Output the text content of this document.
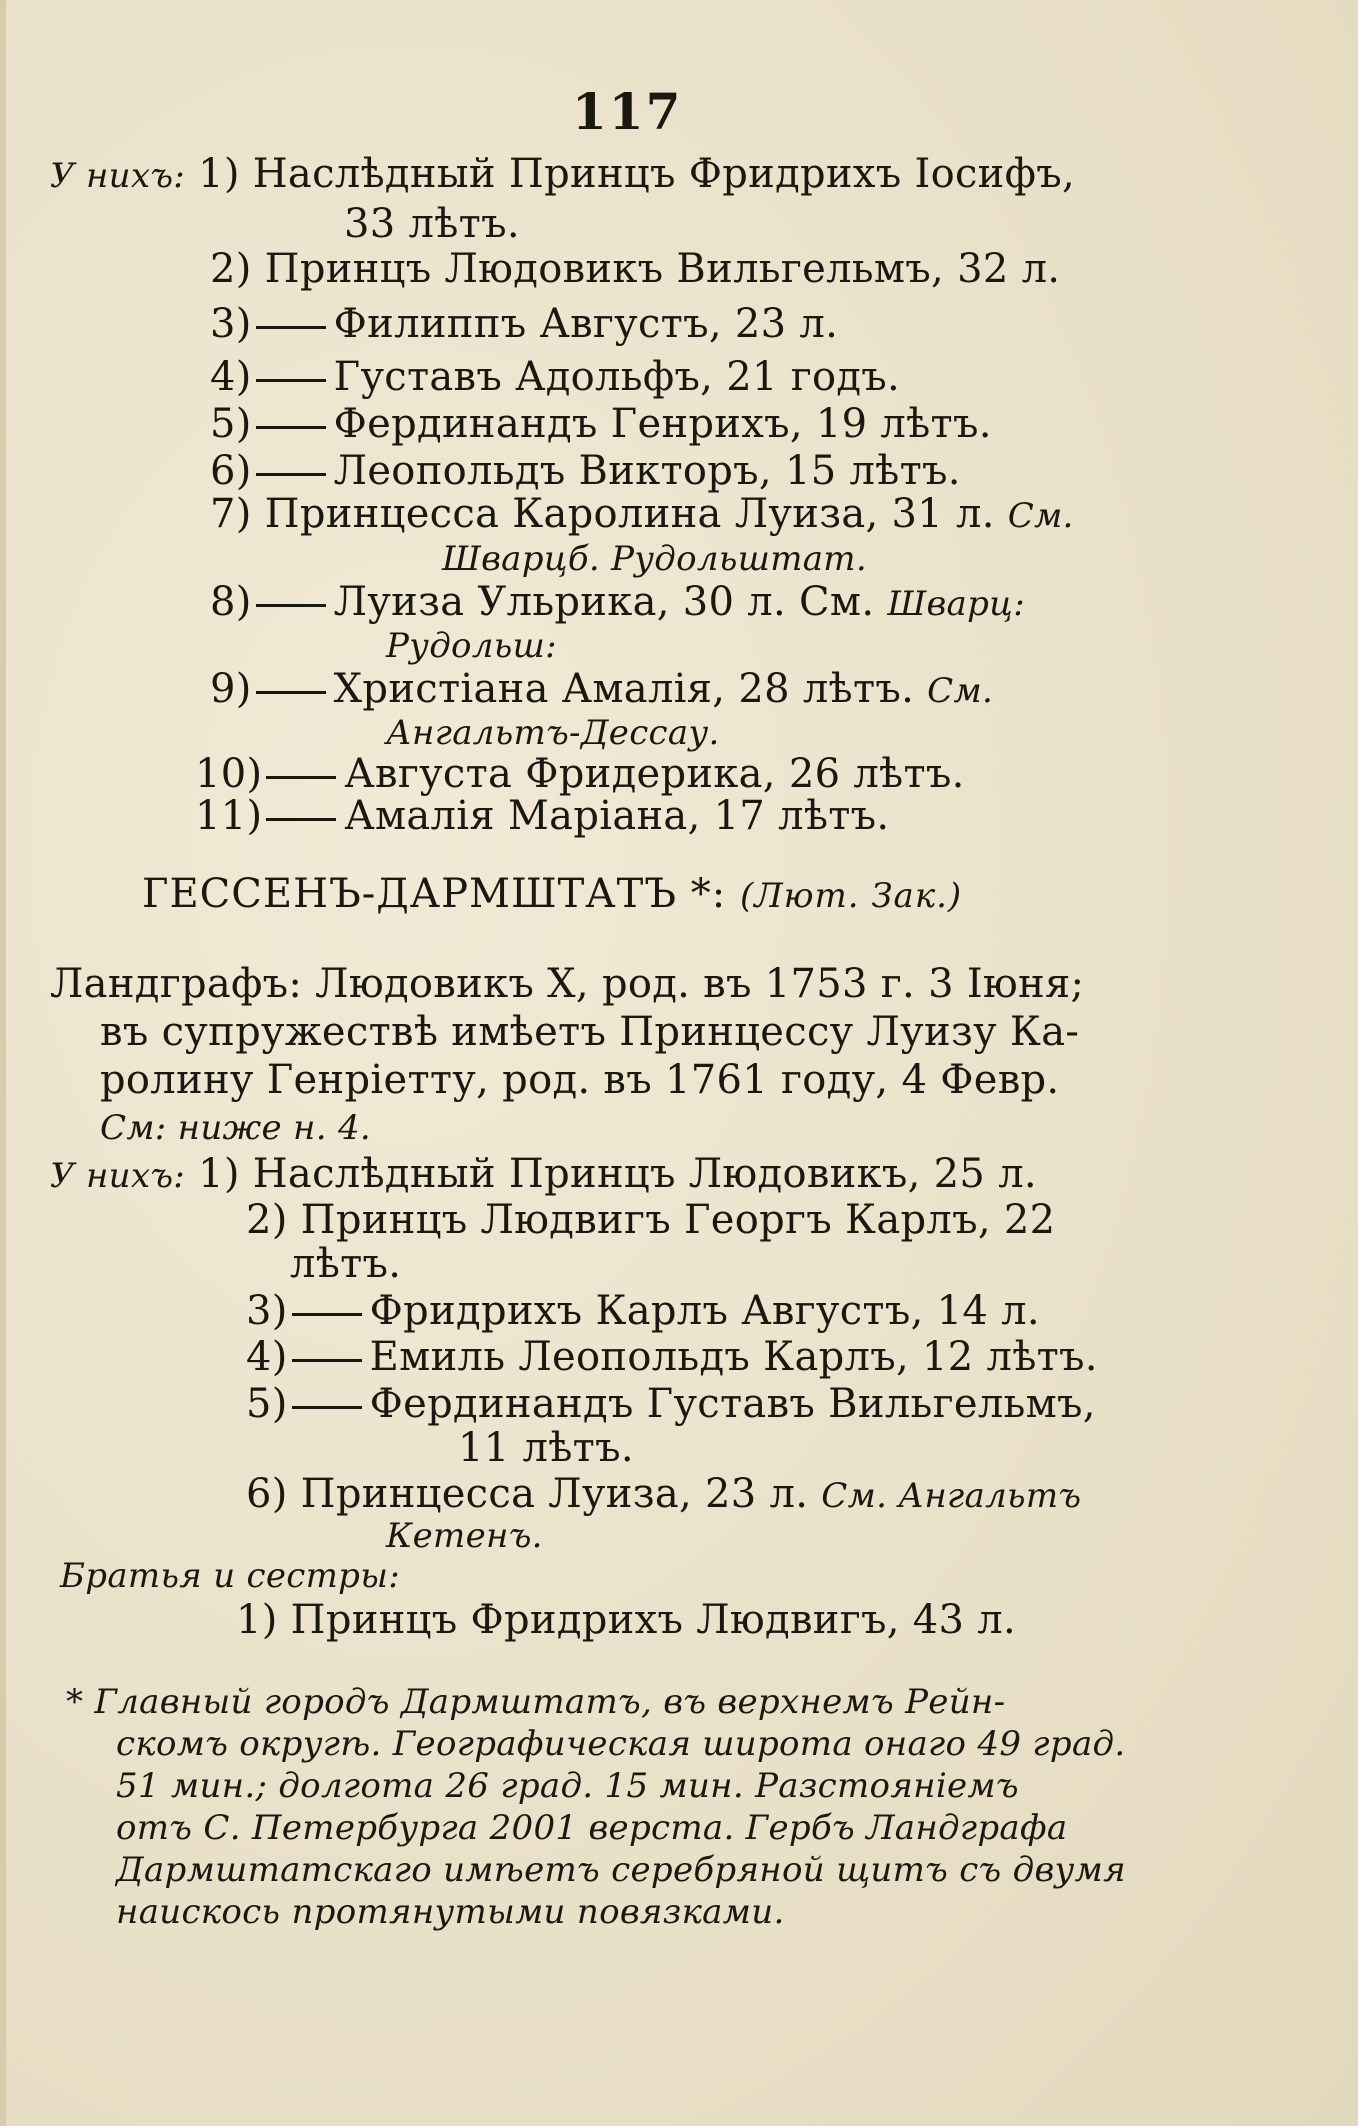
117
У нихъ: 1) Наслѣдный Принцъ Фридрихъ Іосифъ,
33 лѣтъ.
2) Принцъ Людовикъ Вильгельмъ, 32 л.
3) Филиппъ Августъ, 23 л.
4) Густавъ Адольфъ, 21 годъ.
5) Фердинандъ Генрихъ, 19 лѣтъ.
6) Леопольдъ Викторъ, 15 лѣтъ.
7) Принцесса Каролина Луиза, 31 л. См.
Шварцб. Рудольштат.
8) Луиза Ульрика, 30 л. См. Шварц:
Рудольш:
9) Христіана Амалія, 28 лѣтъ. См.
Ангальтъ-Дессау.
10) Августа Фридерика, 26 лѣтъ.
11) Амалія Маріана, 17 лѣтъ.
ГЕССЕНЪ-ДАРМШТАТЪ *: (Лют. Зак.)
Ландграфъ: Людовикъ X, род. въ 1753 г. 3 Іюня;
въ супружествѣ имѣетъ Принцессу Луизу Ка-
ролину Генріетту, род. въ 1761 году, 4 Февр.
См: ниже н. 4.
У нихъ: 1) Наслѣдный Принцъ Людовикъ, 25 л.
2) Принцъ Людвигъ Георгъ Карлъ, 22
лѣтъ.
3) Фридрихъ Карлъ Августъ, 14 л.
4) Емиль Леопольдъ Карлъ, 12 лѣтъ.
5) Фердинандъ Густавъ Вильгельмъ,
11 лѣтъ.
6) Принцесса Луиза, 23 л. См. Ангальтъ
Кетенъ.
Братья и сестры:
1) Принцъ Фридрихъ Людвигъ, 43 л.
* Главный городъ Дармштатъ, въ верхнемъ Рейн-
скомъ округѣ. Географическая широта онаго 49 град.
51 мин.; долгота 26 град. 15 мин. Разстояніемъ
отъ С. Петербурга 2001 верста. Гербъ Ландграфа
Дармштатскаго имѣетъ серебряной щитъ съ двумя
наискось протянутыми повязками.
